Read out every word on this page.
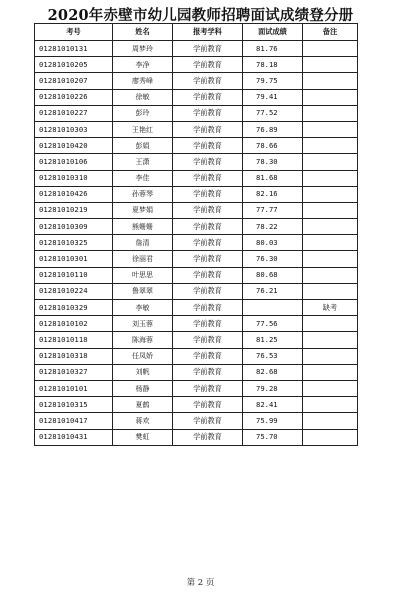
2020年赤壁市幼儿园教师招聘面试成绩登分册
考号	姓名	报考学科	面试成绩	备注
01281010131	周梦玲	学前教育	81.76	
01281010205	李净	学前教育	78.18	
01281010207	廖秀峰	学前教育	79.75	
01281010226	徐敏	学前教育	79.41	
01281010227	彭玲	学前教育	77.52	
01281010303	王艳红	学前教育	76.89	
01281010420	彭娟	学前教育	78.66	
01281010106	王潇	学前教育	78.30	
01281010310	李佳	学前教育	81.68	
01281010426	孙蓉琴	学前教育	82.16	
01281010219	夏梦娟	学前教育	77.77	
01281010309	熊姗姗	学前教育	78.22	
01281010325	詹清	学前教育	80.03	
01281010301	徐丽君	学前教育	76.30	
01281010110	叶思思	学前教育	80.68	
01281010224	鲁翠翠	学前教育	76.21	
01281010329	李敏	学前教育		缺考
01281010102	刘玉蓉	学前教育	77.56	
01281010118	陈海蓉	学前教育	81.25	
01281010318	任凤娇	学前教育	76.53	
01281010327	刘帆	学前教育	82.68	
01281010101	杨静	学前教育	79.28	
01281010315	夏鹤	学前教育	82.41	
01281010417	蒋欢	学前教育	75.99	
01281010431	樊虹	学前教育	75.70	
第 2 页
